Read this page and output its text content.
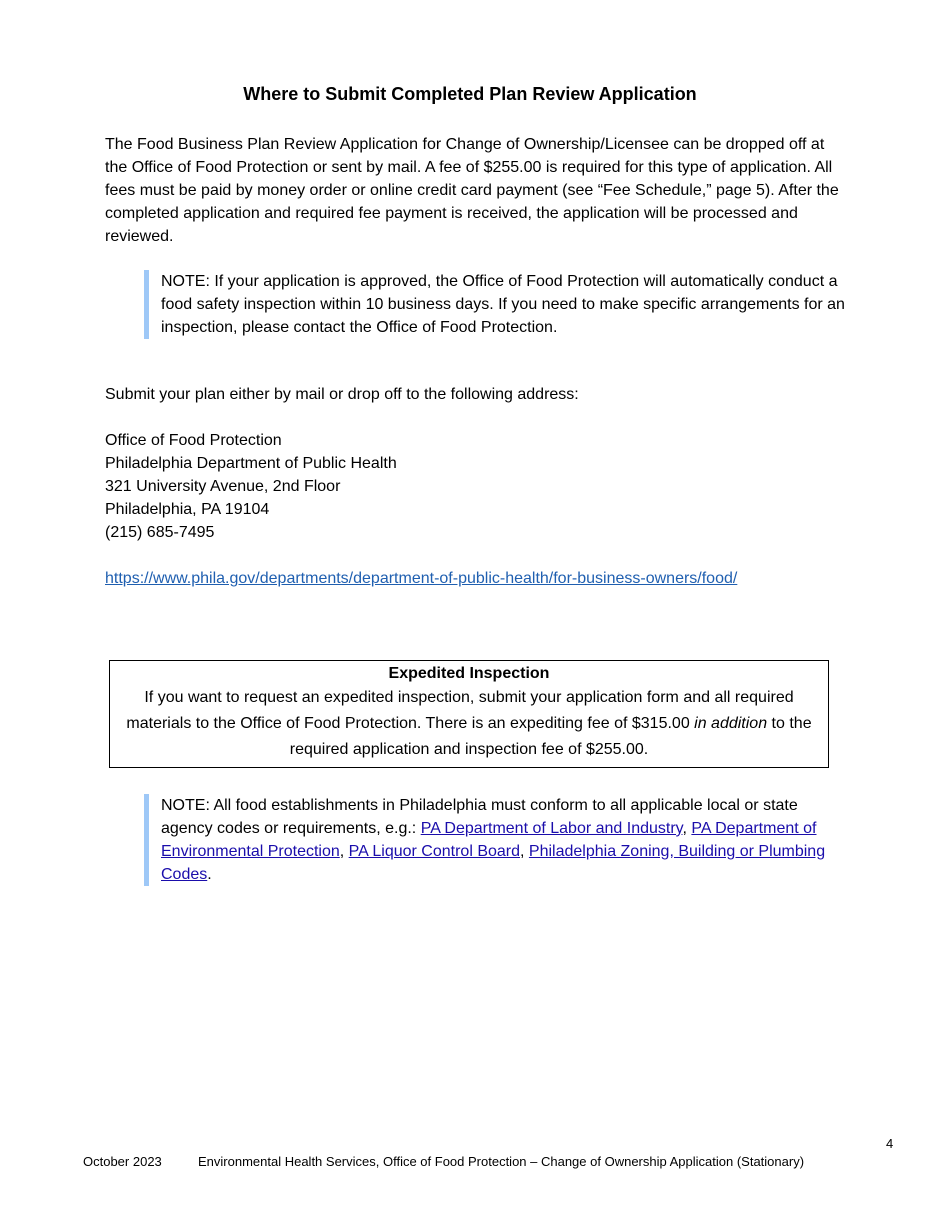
Where to Submit Completed Plan Review Application

The Food Business Plan Review Application for Change of Ownership/Licensee can be dropped off at the Office of Food Protection or sent by mail. A fee of $255.00 is required for this type of application. All fees must be paid by money order or online credit card payment (see “Fee Schedule,” page 5). After the completed application and required fee payment is received, the application will be processed and reviewed.

NOTE: If your application is approved, the Office of Food Protection will automatically conduct a food safety inspection within 10 business days. If you need to make specific arrangements for an inspection, please contact the Office of Food Protection.

Submit your plan either by mail or drop off to the following address:

Office of Food Protection
Philadelphia Department of Public Health
321 University Avenue, 2nd Floor
Philadelphia, PA 19104
(215) 685-7495

https://www.phila.gov/departments/department-of-public-health/for-business-owners/food/

Expedited Inspection
If you want to request an expedited inspection, submit your application form and all required materials to the Office of Food Protection. There is an expediting fee of $315.00 in addition to the required application and inspection fee of $255.00.

NOTE: All food establishments in Philadelphia must conform to all applicable local or state agency codes or requirements, e.g.: PA Department of Labor and Industry, PA Department of Environmental Protection, PA Liquor Control Board, Philadelphia Zoning, Building or Plumbing Codes.

4
October 2023	Environmental Health Services, Office of Food Protection – Change of Ownership Application (Stationary)
